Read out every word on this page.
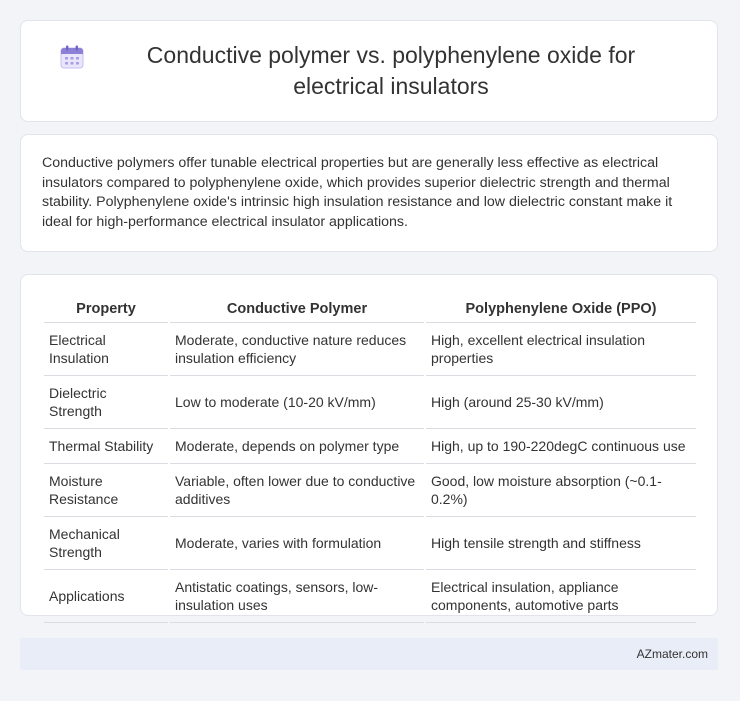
Conductive polymer vs. polyphenylene oxide for electrical insulators

Conductive polymers offer tunable electrical properties but are generally less effective as electrical insulators compared to polyphenylene oxide, which provides superior dielectric strength and thermal stability. Polyphenylene oxide's intrinsic high insulation resistance and low dielectric constant make it ideal for high-performance electrical insulator applications.

Property	Conductive Polymer	Polyphenylene Oxide (PPO)
Electrical Insulation	Moderate, conductive nature reduces insulation efficiency	High, excellent electrical insulation properties
Dielectric Strength	Low to moderate (10-20 kV/mm)	High (around 25-30 kV/mm)
Thermal Stability	Moderate, depends on polymer type	High, up to 190-220degC continuous use
Moisture Resistance	Variable, often lower due to conductive additives	Good, low moisture absorption (~0.1-0.2%)
Mechanical Strength	Moderate, varies with formulation	High tensile strength and stiffness
Applications	Antistatic coatings, sensors, low-insulation uses	Electrical insulation, appliance components, automotive parts
AZmater.com
